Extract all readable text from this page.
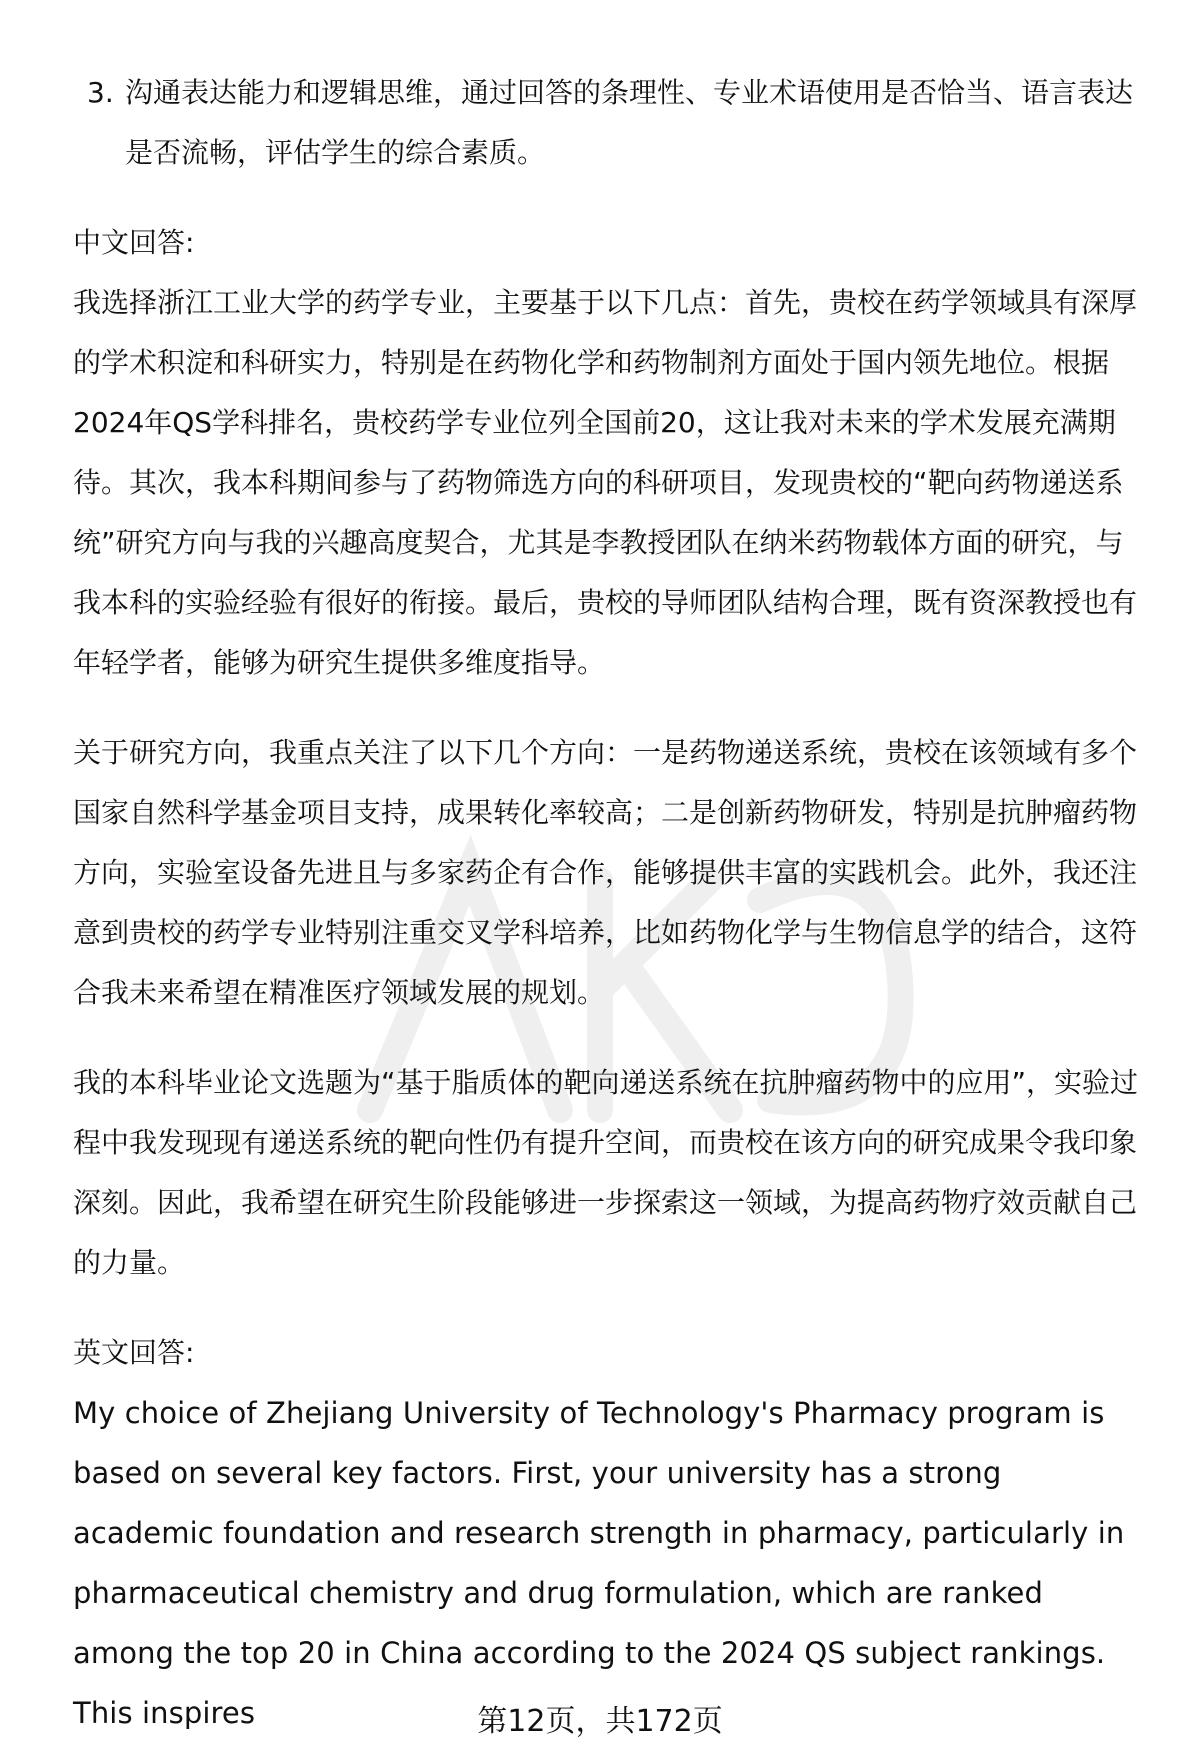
3. 沟通表达能力和逻辑思维，通过回答的条理性、专业术语使用是否恰当、语言表达是否流畅，评估学生的综合素质。

中文回答:

我选择浙江工业大学的药学专业，主要基于以下几点：首先，贵校在药学领域具有深厚的学术积淀和科研实力，特别是在药物化学和药物制剂方面处于国内领先地位。根据2024年QS学科排名，贵校药学专业位列全国前20，这让我对未来的学术发展充满期待。其次，我本科期间参与了药物筛选方向的科研项目，发现贵校的“靶向药物递送系统”研究方向与我的兴趣高度契合，尤其是李教授团队在纳米药物载体方面的研究，与我本科的实验经验有很好的衔接。最后，贵校的导师团队结构合理，既有资深教授也有年轻学者，能够为研究生提供多维度指导。

关于研究方向，我重点关注了以下几个方向：一是药物递送系统，贵校在该领域有多个国家自然科学基金项目支持，成果转化率较高；二是创新药物研发，特别是抗肿瘤药物方向，实验室设备先进且与多家药企有合作，能够提供丰富的实践机会。此外，我还注意到贵校的药学专业特别注重交叉学科培养，比如药物化学与生物信息学的结合，这符合我未来希望在精准医疗领域发展的规划。

我的本科毕业论文选题为“基于脂质体的靶向递送系统在抗肿瘤药物中的应用”，实验过程中我发现现有递送系统的靶向性仍有提升空间，而贵校在该方向的研究成果令我印象深刻。因此，我希望在研究生阶段能够进一步探索这一领域，为提高药物疗效贡献自己的力量。

英文回答:

My choice of Zhejiang University of Technology's Pharmacy program is based on several key factors. First, your university has a strong academic foundation and research strength in pharmacy, particularly in pharmaceutical chemistry and drug formulation, which are ranked among the top 20 in China according to the 2024 QS subject rankings. This inspires	第12页，共172页
